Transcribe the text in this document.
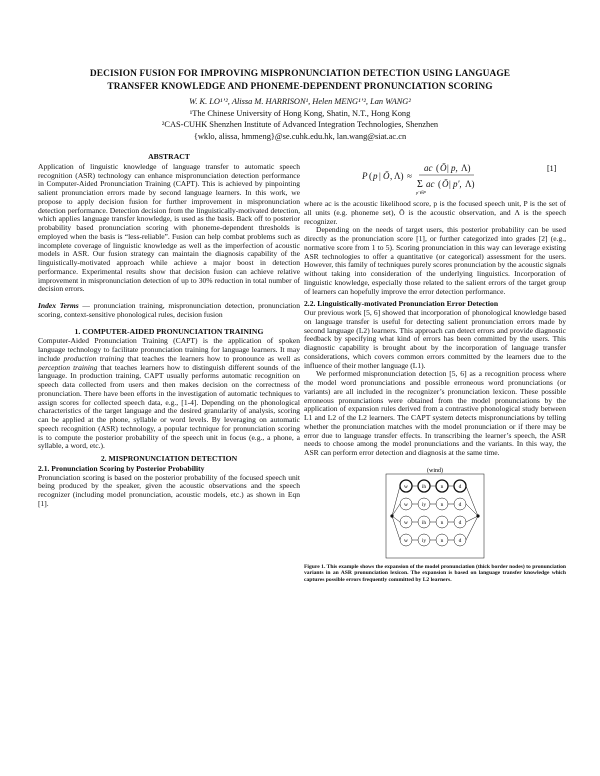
DECISION FUSION FOR IMPROVING MISPRONUNCIATION DETECTION USING LANGUAGE
TRANSFER KNOWLEDGE AND PHONEME-DEPENDENT PRONUNCIATION SCORING
W. K. LO¹ʼ², Alissa M. HARRISON¹, Helen MENG¹ʼ², Lan WANG²
¹The Chinese University of Hong Kong, Shatin, N.T., Hong Kong
²CAS-CUHK Shenzhen Institute of Advanced Integration Technologies, Shenzhen
{wklo, alissa, hmmeng}@se.cuhk.edu.hk, lan.wang@siat.ac.cn
ABSTRACT

Application of linguistic knowledge of language transfer to automatic speech recognition (ASR) technology can enhance mispronunciation detection performance in Computer-Aided Pronunciation Training (CAPT). This is achieved by pinpointing salient pronunciation errors made by second language learners. In this work, we propose to apply decision fusion for further improvement in mispronunciation detection performance. Detection decision from the linguistically-motivated detection, which applies language transfer knowledge, is used as the basis. Back off to posterior probability based pronunciation scoring with phoneme-dependent thresholds is employed when the basis is “less-reliable”. Fusion can help combat problems such as incomplete coverage of linguistic knowledge as well as the imperfection of acoustic models in ASR. Our fusion strategy can maintain the diagnosis capability of the linguistically-motivated approach while achieve a major boost in detection performance. Experimental results show that decision fusion can achieve relative improvement in mispronunciation detection of up to 30% reduction in total number of decision errors.

Index Terms — pronunciation training, mispronunciation detection, pronunciation scoring, context-sensitive phonological rules, decision fusion

1. COMPUTER-AIDED PRONUNCIATION TRAINING

Computer-Aided Pronunciation Training (CAPT) is the application of spoken language technology to facilitate pronunciation training for language learners. It may include production training that teaches the learners how to pronounce as well as perception training that teaches learners how to distinguish different sounds of the language. In production training, CAPT usually performs automatic recognition on speech data collected from users and then makes decision on the correctness of pronunciation. There have been efforts in the investigation of automatic techniques to assign scores for collected speech data, e.g., [1-4]. Depending on the phonological characteristics of the target language and the desired granularity of analysis, scoring can be applied at the phone, syllable or word levels. By leveraging on automatic speech recognition (ASR) technology, a popular technique for pronunciation scoring is to compute the posterior probability of the speech unit in focus (e.g., a phone, a syllable, a word, etc.).

2. MISPRONUNCIATION DETECTION
2.1. Pronunciation Scoring by Posterior Probability

Pronunciation scoring is based on the posterior probability of the focused speech unit being produced by the speaker, given the acoustic observations and the speech recognizer (including model pronunciation, acoustic models, etc.) as shown in Eqn [1].

P ( p | Ō , Λ) ≈
ac ( Ō | p, Λ)
Σ
p'∈P
ac ( Ō | p', Λ)
[1]

where ac is the acoustic likelihood score, p is the focused speech unit, P is the set of all units (e.g. phoneme set), Ō is the acoustic observation, and Λ is the speech recognizer.

Depending on the needs of target users, this posterior probability can be used directly as the pronunciation score [1], or further categorized into grades [2] (e.g., normative score from 1 to 5). Scoring pronunciation in this way can leverage existing ASR technologies to offer a quantitative (or categorical) assessment for the users. However, this family of techniques purely scores pronunciation by the acoustic signals without taking into consideration of the underlying linguistics. Incorporation of linguistic knowledge, especially those related to the salient errors of the target group of learners can hopefully improve the error detection performance.

2.2. Linguistically-motivated Pronunciation Error Detection

Our previous work [5, 6] showed that incorporation of phonological knowledge based on language transfer is useful for detecting salient pronunciation errors made by second language (L2) learners. This approach can detect errors and provide diagnostic feedback by specifying what kind of errors has been committed by the users. This diagnostic capability is brought about by the incorporation of language transfer considerations, which covers common errors committed by the learners due to the influence of their mother language (L1).

We performed mispronunciation detection [5, 6] as a recognition process where the model word pronunciations and possible erroneous word pronunciations (or variants) are all included in the recognizer’s pronunciation lexicon. These possible erroneous pronunciations were obtained from the model pronunciations by the application of expansion rules derived from a contrastive phonological study between L1 and L2 of the L2 learners. The CAPT system detects mispronunciations by telling whether the pronunciation matches with the model pronunciation or if there may be error due to language transfer effects. In transcribing the learner’s speech, the ASR needs to choose among the model pronunciations and the variants. In this way, the ASR can perform error detection and diagnosis at the same time.

(wind)
w	ih	n	d
w	iy	n	d
w	ih	n	d
w	iy	n	d
Figure 1. This example shows the expansion of the model pronunciation (thick border nodes) to pronunciation variants in an ASR pronunciation lexicon. The expansion is based on language transfer knowledge which captures possible errors frequently committed by L2 learners.
